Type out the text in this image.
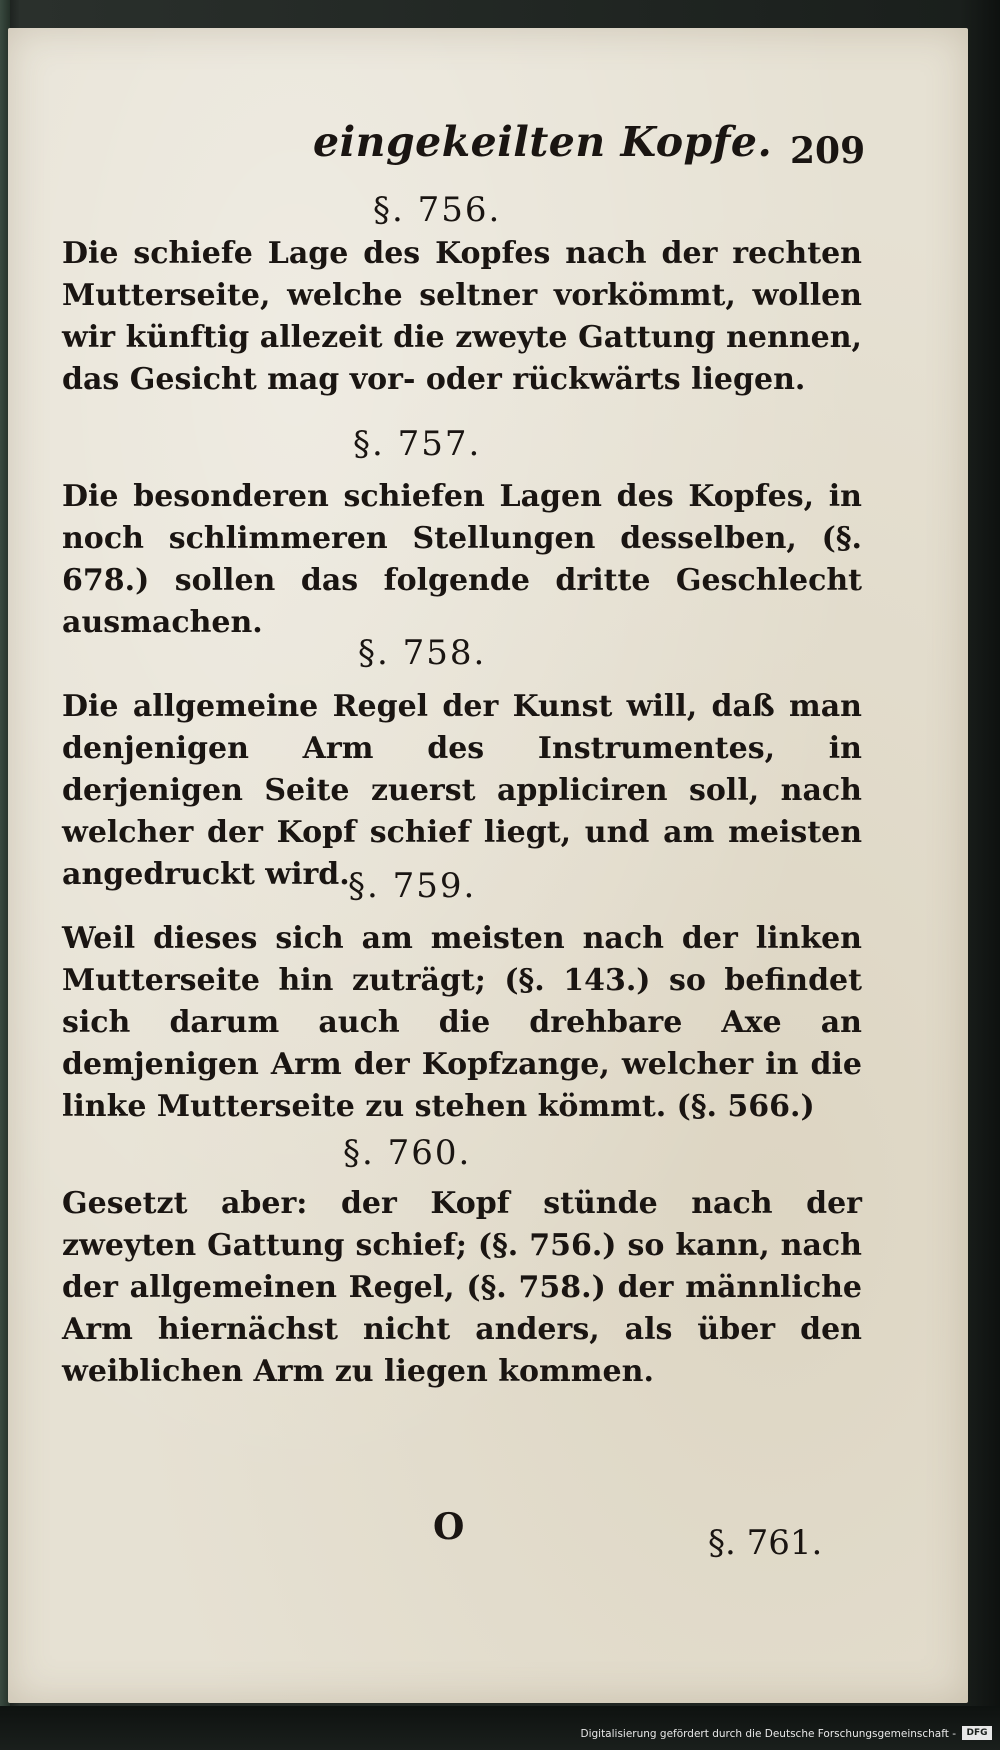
eingekeilten Kopfe. 209
§. 756.
Die schiefe Lage des Kopfes nach der rechten Mutterseite, welche seltner vorkömmt, wollen wir künftig allezeit die zweyte Gattung nennen, das Gesicht mag vor- oder rückwärts liegen.
§. 757.
Die besonderen schiefen Lagen des Kopfes, in noch schlimmeren Stellungen desselben, (§. 678.) sollen das folgende dritte Geschlecht ausmachen.
§. 758.
Die allgemeine Regel der Kunst will, daß man denjenigen Arm des Instrumentes, in derjenigen Seite zuerst appliciren soll, nach welcher der Kopf schief liegt, und am meisten angedruckt wird.
§. 759.
Weil dieses sich am meisten nach der linken Mutterseite hin zuträgt; (§. 143.) so befindet sich darum auch die drehbare Axe an demjenigen Arm der Kopfzange, welcher in die linke Mutterseite zu stehen kömmt. (§. 566.)
§. 760.
Gesetzt aber: der Kopf stünde nach der zweyten Gattung schief; (§. 756.) so kann, nach der allgemeinen Regel, (§. 758.) der männliche Arm hiernächst nicht anders, als über den weiblichen Arm zu liegen kommen.
O	§. 761.
Digitalisierung gefördert durch die Deutsche Forschungsgemeinschaft -	DFG
